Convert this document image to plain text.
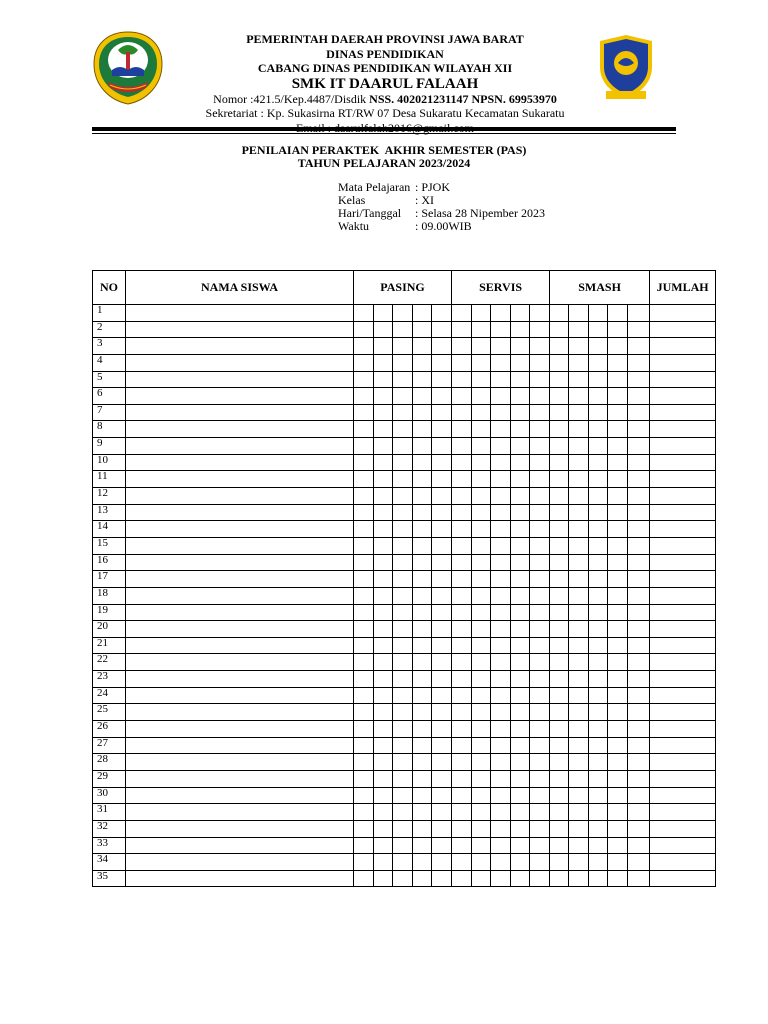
PEMERINTAH DAERAH PROVINSI JAWA BARAT
DINAS PENDIDIKAN
CABANG DINAS PENDIDIKAN WILAYAH XII
SMK IT DAARUL FALAAH
Nomor :421.5/Kep.4487/Disdik NSS. 402021231147 NPSN. 69953970
Sekretariat : Kp. Sukasirna RT/RW 07 Desa Sukaratu Kecamatan Sukaratu
PENILAIAN PERAKTEK  AKHIR SEMESTER (PAS)
TAHUN PELAJARAN 2023/2024
Mata Pelajaran : PJOK
Kelas	: XI
Hari/Tanggal	: Selasa 28 Nipember 2023
Waktu	: 09.00WIB
NO	NAMA SISWA	PASING					SERVIS					SMASH					JUMLAH
1																	
2																	
3																	
4																	
5																	
6																	
7																	
8																	
9																	
10																	
11																	
12																	
13																	
14																	
15																	
16																	
17																	
18																	
19																	
20																	
21																	
22																	
23																	
24																	
25																	
26																	
27																	
28																	
29																	
30																	
31																	
32																	
33																	
34																	
35																	
